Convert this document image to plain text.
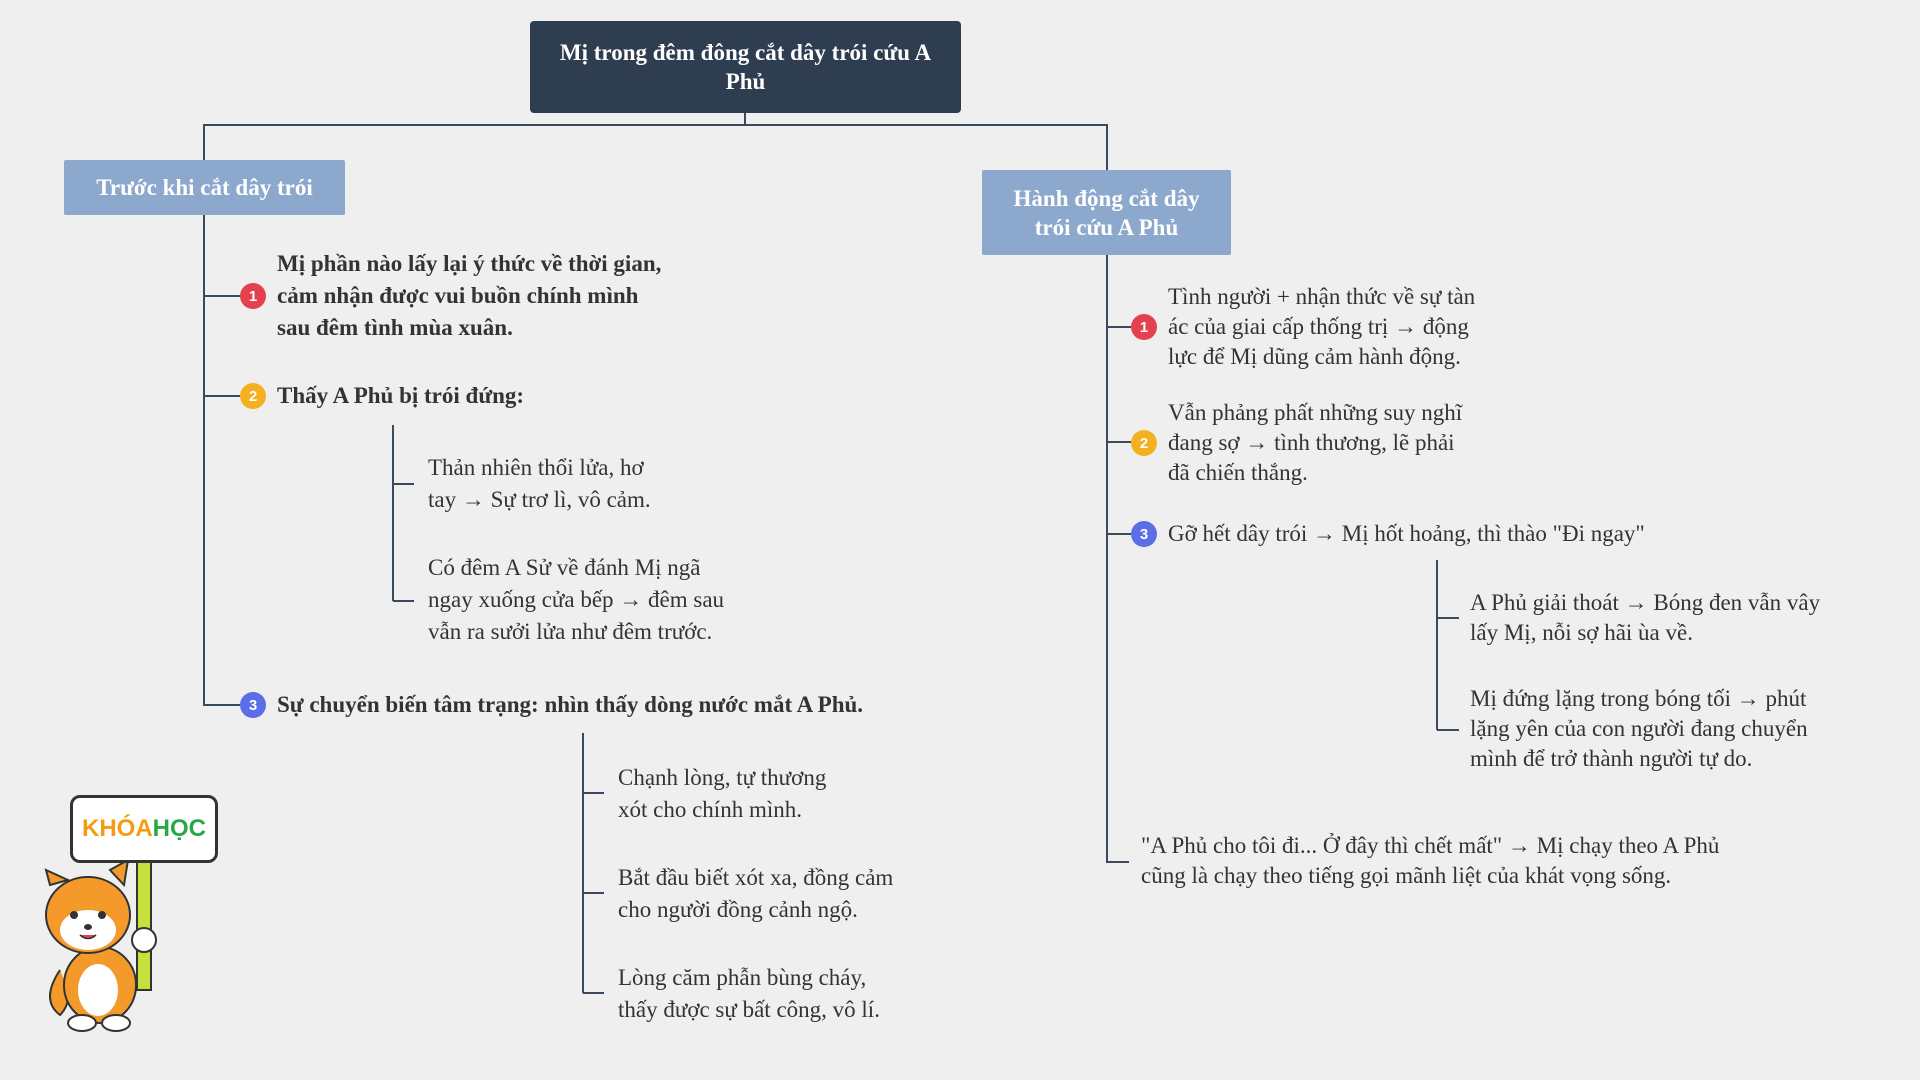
Mị trong đêm đông cắt dây trói cứu A Phủ
Trước khi cắt dây trói	Hành động cắt dây trói cứu A Phủ
1
Mị phần nào lấy lại ý thức về thời gian,
cảm nhận được vui buồn chính mình
sau đêm tình mùa xuân.
2 Thấy A Phủ bị trói đứng:
3 Sự chuyển biến tâm trạng: nhìn thấy dòng nước mắt A Phủ.
Thản nhiên thổi lửa, hơ
tay → Sự trơ lì, vô cảm.
Có đêm A Sử về đánh Mị ngã
ngay xuống cửa bếp → đêm sau
vẫn ra sưởi lửa như đêm trước.
Chạnh lòng, tự thương
xót cho chính mình.
Bắt đầu biết xót xa, đồng cảm
cho người đồng cảnh ngộ.
Lòng căm phẫn bùng cháy,
thấy được sự bất công, vô lí.
1
Tình người + nhận thức về sự tàn
ác của giai cấp thống trị → động
lực để Mị dũng cảm hành động.
2
Vẫn phảng phất những suy nghĩ
đang sợ → tình thương, lẽ phải
đã chiến thắng.
3 Gỡ hết dây trói → Mị hốt hoảng, thì thào "Đi ngay"
A Phủ giải thoát → Bóng đen vẫn vây
lấy Mị, nỗi sợ hãi ùa về.
Mị đứng lặng trong bóng tối → phút
lặng yên của con người đang chuyển
mình để trở thành người tự do.
"A Phủ cho tôi đi... Ở đây thì chết mất" → Mị chạy theo A Phủ
cũng là chạy theo tiếng gọi mãnh liệt của khát vọng sống.
KHÓA HỌC
